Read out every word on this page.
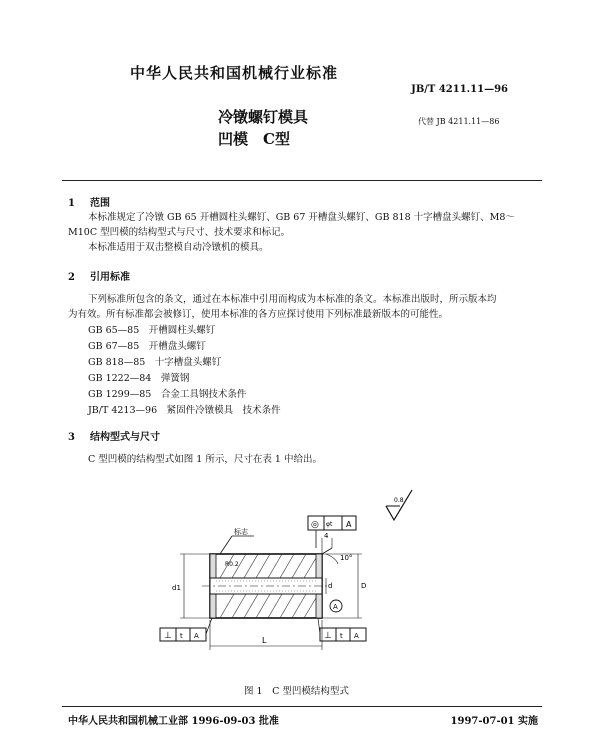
中华人民共和国机械行业标准
JB/T 4211.11—96
冷镦螺钉模具
凹模　C型
代替 JB 4211.11—86
1 范围
本标准规定了冷镦 GB 65 开槽圆柱头螺钉、GB 67 开槽盘头螺钉、GB 818 十字槽盘头螺钉、M8～
M10C 型凹模的结构型式与尺寸、技术要求和标记。
本标准适用于双击整模自动冷镦机的模具。
2 引用标准
下列标准所包含的条文，通过在本标准中引用而构成为本标准的条文。本标准出版时，所示版本均
为有效。所有标准都会被修订，使用本标准的各方应探讨使用下列标准最新版本的可能性。
GB 65—85　开槽圆柱头螺钉
GB 67—85　开槽盘头螺钉
GB 818—85　十字槽盘头螺钉
GB 1222—84　弹簧钢
GB 1299—85　合金工具钢技术条件
JB/T 4213—96　紧固件冷镦模具　技术条件
3 结构型式与尺寸
C 型凹模的结构型式如图 1 所示，尺寸在表 1 中给出。
0.8
◎ φt A
标志
R0.2
4
10°
d1	d	D
A
⊥ t A	⊥ t A
L
图 1　C 型凹模结构型式
中华人民共和国机械工业部 1996-09-03 批准	1997-07-01 实施
